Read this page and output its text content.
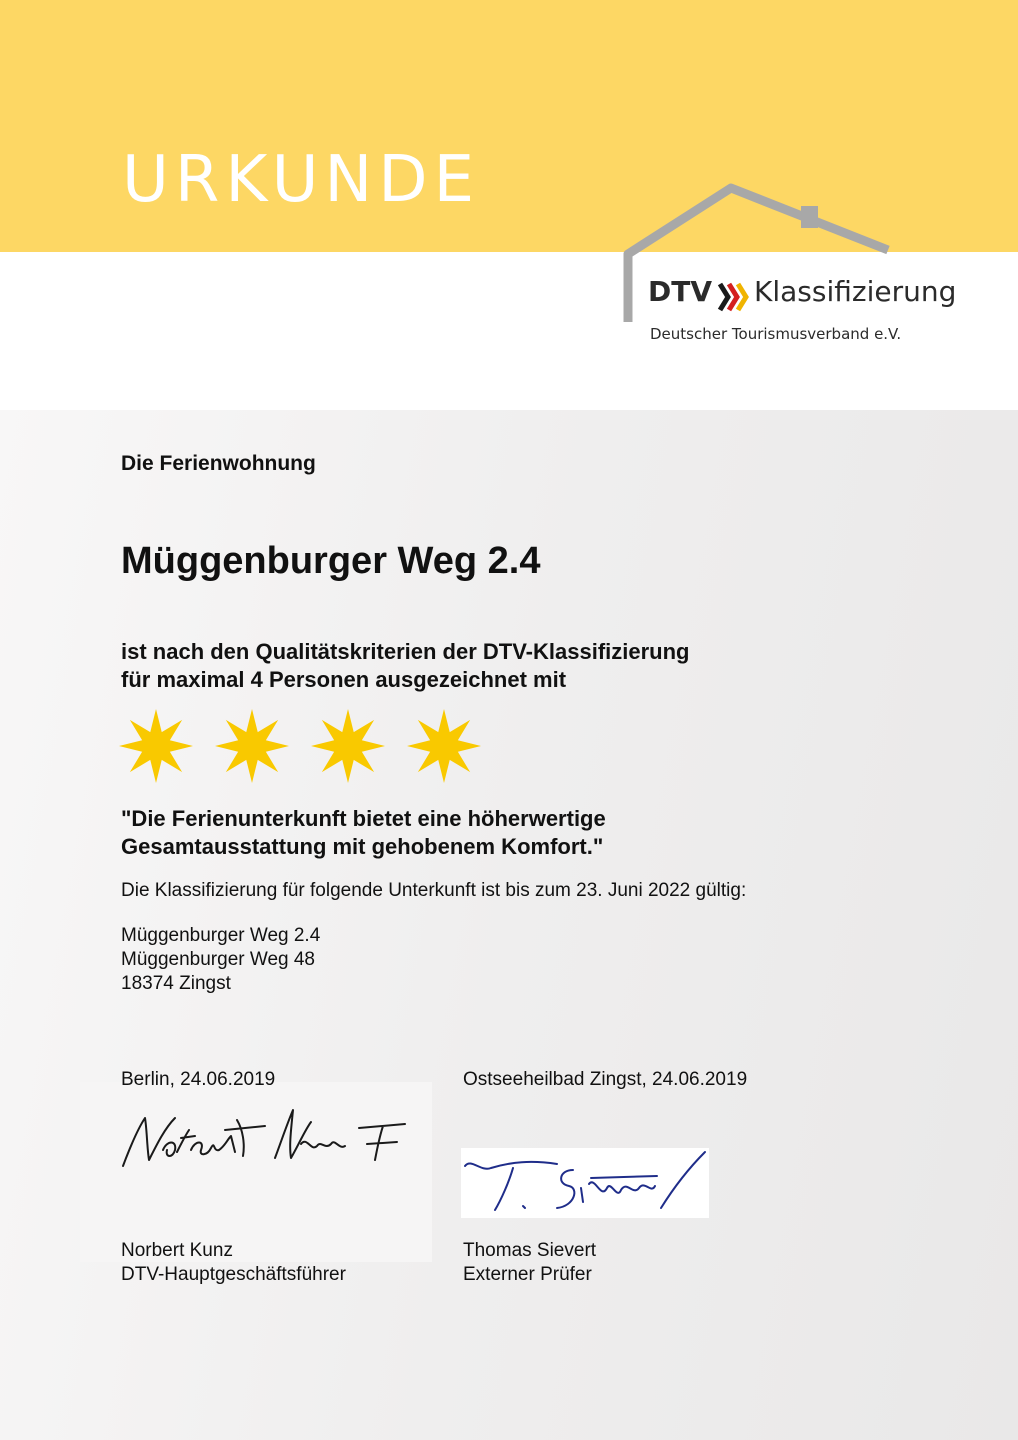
URKUNDE
DTV Klassifizierung
Deutscher Tourismusverband e.V.

Die Ferienwohnung

Müggenburger Weg 2.4

ist nach den Qualitätskriterien der DTV-Klassifizierung
für maximal 4 Personen ausgezeichnet mit
"Die Ferienunterkunft bietet eine höherwertige
Gesamtausstattung mit gehobenem Komfort."

Die Klassifizierung für folgende Unterkunft ist bis zum 23. Juni 2022 gültig:

Müggenburger Weg 2.4
Müggenburger Weg 48
18374 Zingst

Berlin, 24.06.2019	Ostseeheilbad Zingst, 24.06.2019

Norbert Kunz
DTV-Hauptgeschäftsführer
Thomas Sievert
Externer Prüfer
